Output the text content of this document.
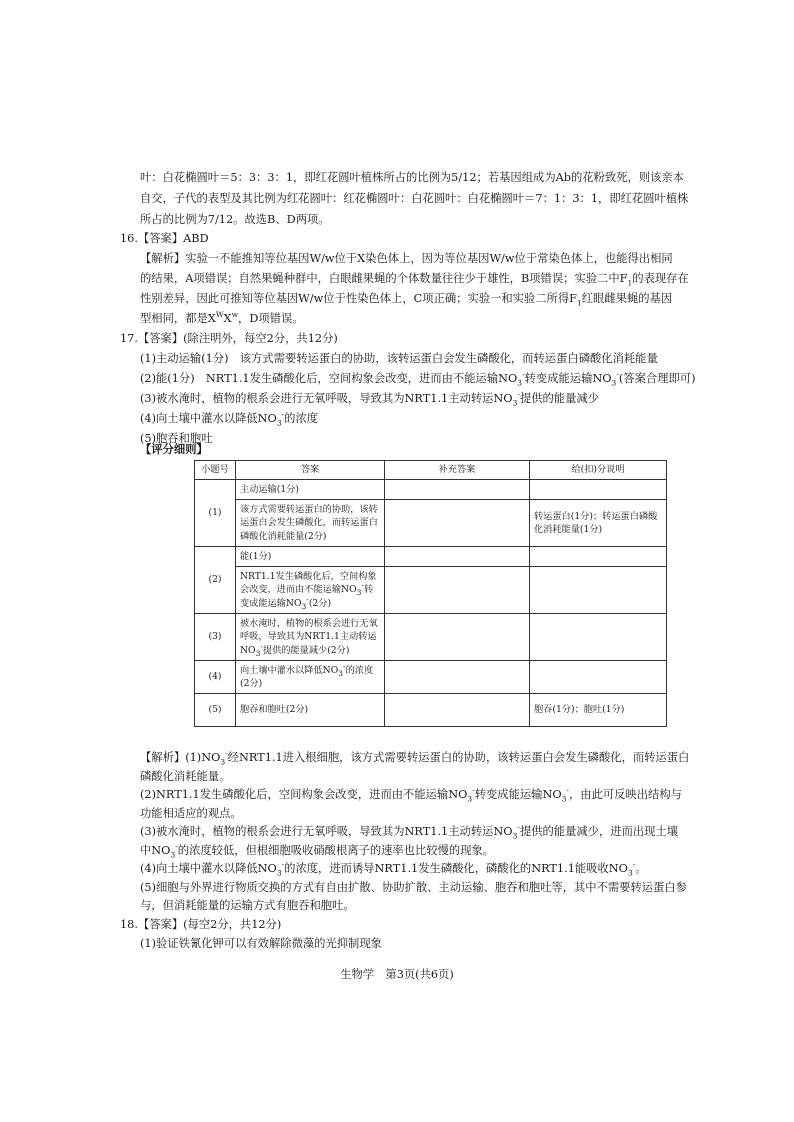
叶：白花椭圆叶＝5：3：3：1，即红花圆叶植株所占的比例为5/12；若基因组成为Ab的花粉致死，则该亲本
自交，子代的表型及其比例为红花圆叶：红花椭圆叶：白花圆叶：白花椭圆叶＝7：1：3：1，即红花圆叶植株
所占的比例为7/12。故选B、D两项。
16.【答案】ABD
【解析】实验一不能推知等位基因W/w位于X染色体上，因为等位基因W/w位于常染色体上，也能得出相同
的结果，A项错误；自然果蝇种群中，白眼雌果蝇的个体数量往往少于雄性，B项错误；实验二中$F_1$的表现存在
性别差异，因此可推知等位基因W/w位于性染色体上，C项正确；实验一和实验二所得$F_1$红眼雌果蝇的基因
型相同，都是$X^WX^w$，D项错误。
17.【答案】(除注明外，每空2分，共12分)
(1)主动运输(1分)　该方式需要转运蛋白的协助，该转运蛋白会发生磷酸化，而转运蛋白磷酸化消耗能量
(2)能(1分)　NRT1.1发生磷酸化后，空间构象会改变，进而由不能运输$NO_3^-$转变成能运输$NO_3^-$(答案合理即可)
(3)被水淹时，植物的根系会进行无氧呼吸，导致其为NRT1.1主动转运$NO_3^-$提供的能量减少
(4)向土壤中灌水以降低$NO_3^-$的浓度
(5)胞吞和胞吐
【评分细则】
小题号	答案	补充答案	给(扣)分说明
(1)	主动运输(1分)		
	该方式需要转运蛋白的协助，该转运蛋白会发生磷酸化，而转运蛋白磷酸化消耗能量(2分)		转运蛋白(1分)；转运蛋白磷酸化消耗能量(1分)
(2)	能(1分)		
	NRT1.1发生磷酸化后，空间构象会改变，进而由不能运输$NO_3^-$转变成能运输$NO_3^-(2$分)		
(3)	被水淹时，植物的根系会进行无氧呼吸，导致其为NRT1.1主动转运$NO_3^-$提供的能量减少(2分)		
(4)	向土壤中灌水以降低$NO_3^-$的浓度(2分)		
(5)	胞吞和胞吐(2分)		胞吞(1分)；胞吐(1分)
【解析】$(1)NO_3^-$经NRT1.1进入根细胞，该方式需要转运蛋白的协助，该转运蛋白会发生磷酸化，而转运蛋白
磷酸化消耗能量。
(2)NRT1.1发生磷酸化后，空间构象会改变，进而由不能运输$NO_3^-$转变成能运输$NO_3^-$，由此可反映出结构与
功能相适应的观点。
(3)被水淹时，植物的根系会进行无氧呼吸，导致其为NRT1.1主动转运$NO_3^-$提供的能量减少，进而出现土壤
中$NO_3^-$的浓度较低，但根细胞吸收硝酸根离子的速率也比较慢的现象。
(4)向土壤中灌水以降低$NO_3^-$的浓度，进而诱导NRT1.1发生磷酸化，磷酸化的NRT1.1能吸收$NO_3^-$。
(5)细胞与外界进行物质交换的方式有自由扩散、协助扩散、主动运输、胞吞和胞吐等，其中不需要转运蛋白参
与，但消耗能量的运输方式有胞吞和胞吐。
18.【答案】(每空2分，共12分)
(1)验证铁氰化钾可以有效解除微藻的光抑制现象
生物学　第3页(共6页)
